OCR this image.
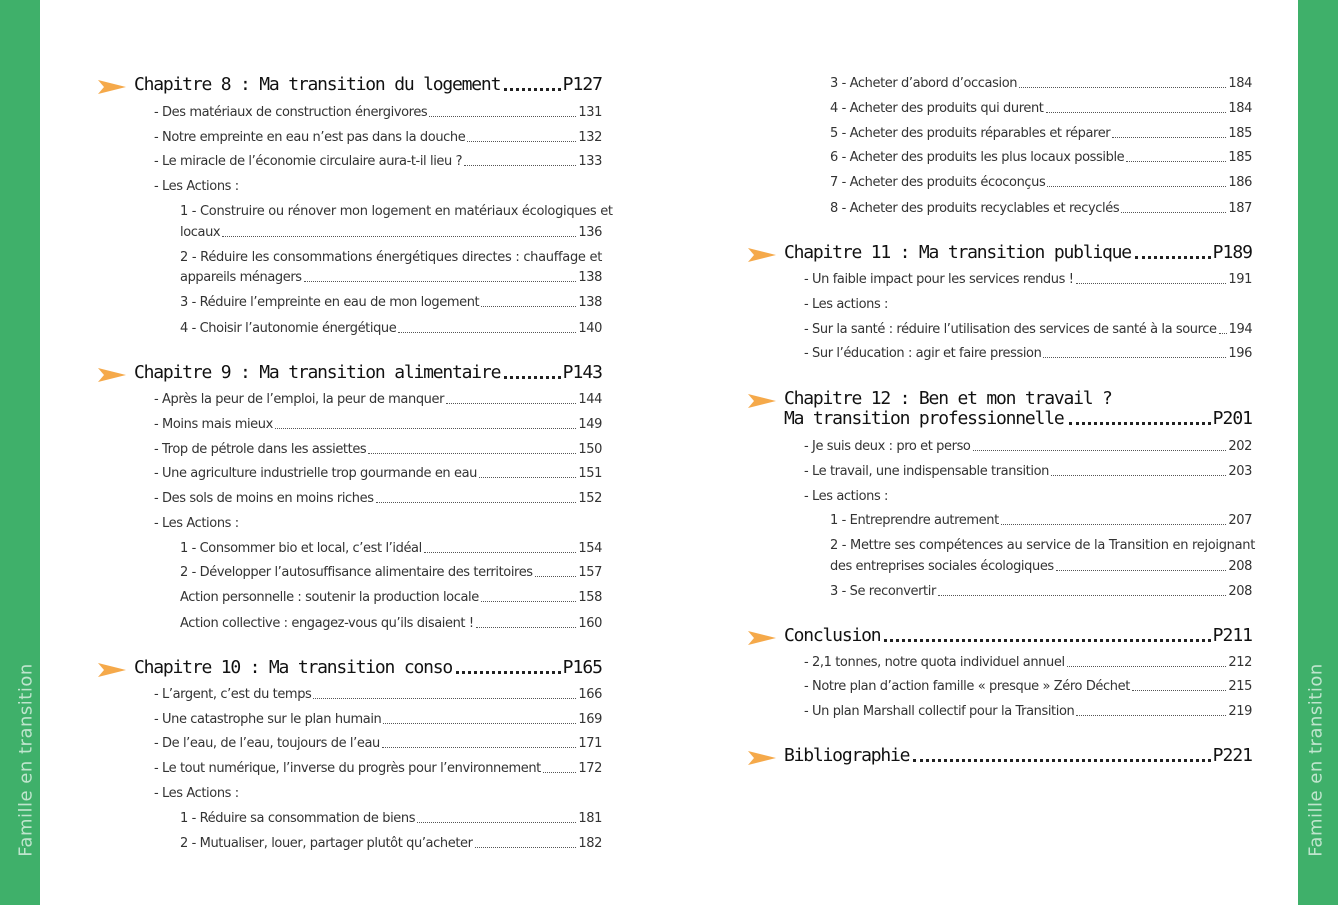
Famille en transition	Famille en transition
Chapitre 8 : Ma transition du logement	P127
- Des matériaux de construction énergivores	131
- Notre empreinte en eau n’est pas dans la douche	132
- Le miracle de l’économie circulaire aura-t-il lieu ?	133
- Les Actions :
1 - Construire ou rénover mon logement en matériaux écologiques et
locaux	136
2 - Réduire les consommations énergétiques directes : chauffage et
appareils ménagers	138
3 - Réduire l’empreinte en eau de mon logement	138
4 - Choisir l’autonomie énergétique	140
Chapitre 9 : Ma transition alimentaire	P143
- Après la peur de l’emploi, la peur de manquer	144
- Moins mais mieux	149
- Trop de pétrole dans les assiettes	150
- Une agriculture industrielle trop gourmande en eau	151
- Des sols de moins en moins riches	152
- Les Actions :
1 - Consommer bio et local, c’est l’idéal	154
2 - Développer l’autosuffisance alimentaire des territoires	157
Action personnelle : soutenir la production locale	158
Action collective : engagez-vous qu’ils disaient !	160
Chapitre 10 : Ma transition conso	P165
- L’argent, c’est du temps	166
- Une catastrophe sur le plan humain	169
- De l’eau, de l’eau, toujours de l’eau	171
- Le tout numérique, l’inverse du progrès pour l’environnement	172
- Les Actions :
1 - Réduire sa consommation de biens	181
2 - Mutualiser, louer, partager plutôt qu’acheter	182
3 - Acheter d’abord d’occasion	184
4 - Acheter des produits qui durent	184
5 - Acheter des produits réparables et réparer	185
6 - Acheter des produits les plus locaux possible	185
7 - Acheter des produits écoconçus	186
8 - Acheter des produits recyclables et recyclés	187
Chapitre 11 : Ma transition publique	P189
- Un faible impact pour les services rendus !	191
- Les actions :
- Sur la santé : réduire l’utilisation des services de santé à la source 194
- Sur l’éducation : agir et faire pression	196
Chapitre 12 : Ben et mon travail ?
Ma transition professionnelle	P201
- Je suis deux : pro et perso	202
- Le travail, une indispensable transition	203
- Les actions :
1 - Entreprendre autrement	207
2 - Mettre ses compétences au service de la Transition en rejoignant
des entreprises sociales écologiques	208
3 - Se reconvertir	208
Conclusion	P211
- 2,1 tonnes, notre quota individuel annuel	212
- Notre plan d’action famille « presque » Zéro Déchet	215
- Un plan Marshall collectif pour la Transition	219
Bibliographie	P221
